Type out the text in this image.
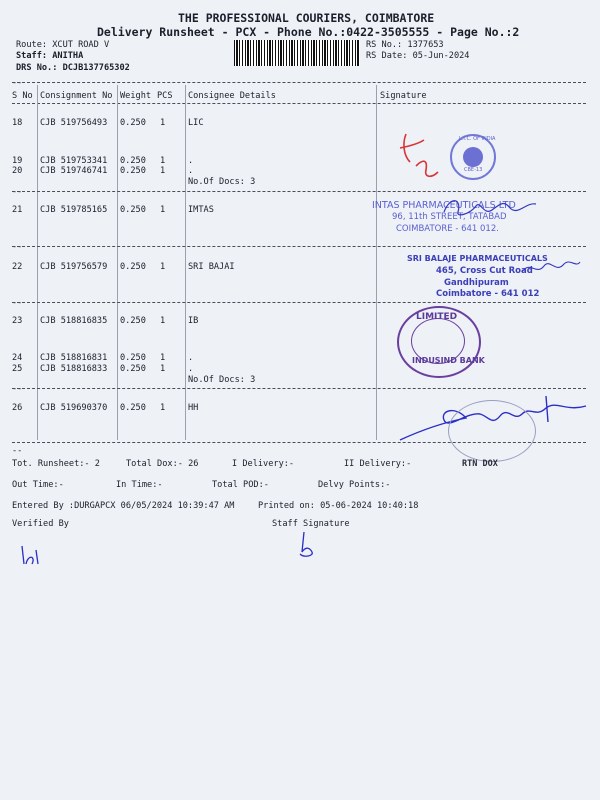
THE PROFESSIONAL COURIERS, COIMBATORE
Delivery Runsheet - PCX - Phone No.:0422-3505555 - Page No.:2
Route: XCUT ROAD V
Staff: ANITHA
DRS No.: DCJB137765302
RS No.: 1377653
RS Date: 05-Jun-2024
--
S No Consignment No Weight PCS Consignee Details	Signature
18 CJB 519756493 0.250 1	LIC
19 CJB 519753341 0.250 1	.
20 CJB 519746741 0.250 1	.
No.Of Docs: 3
--
21 CJB 519785165 0.250 1	IMTAS
--
22 CJB 519756579 0.250 1	SRI BAJAI
--
23 CJB 518816835 0.250 1	IB
24 CJB 518816831 0.250 1	.
25 CJB 518816833 0.250 1	.
No.Of Docs: 3
--
26 CJB 519690370 0.250 1	HH
--
L.I.C. OF INDIA
CBE-13
INTAS PHARMACEUTICALS LTD
96, 11th STREET, TATABAD
COIMBATORE - 641 012.
SRI BALAJE PHARMACEUTICALS
465, Cross Cut Road
Gandhipuram
Coimbatore - 641 012
LIMITED
INDUSIND BANK
RTN DOX
Tot. Runsheet:- 2	Total Dox:- 26	I Delivery:-	II Delivery:-
Out Time:-	In Time:-	Total POD:-	Delvy Points:-
Entered By :DURGAPCX 06/05/2024 10:39:47 AM	Printed on: 05-06-2024 10:40:18
Verified By	Staff Signature
